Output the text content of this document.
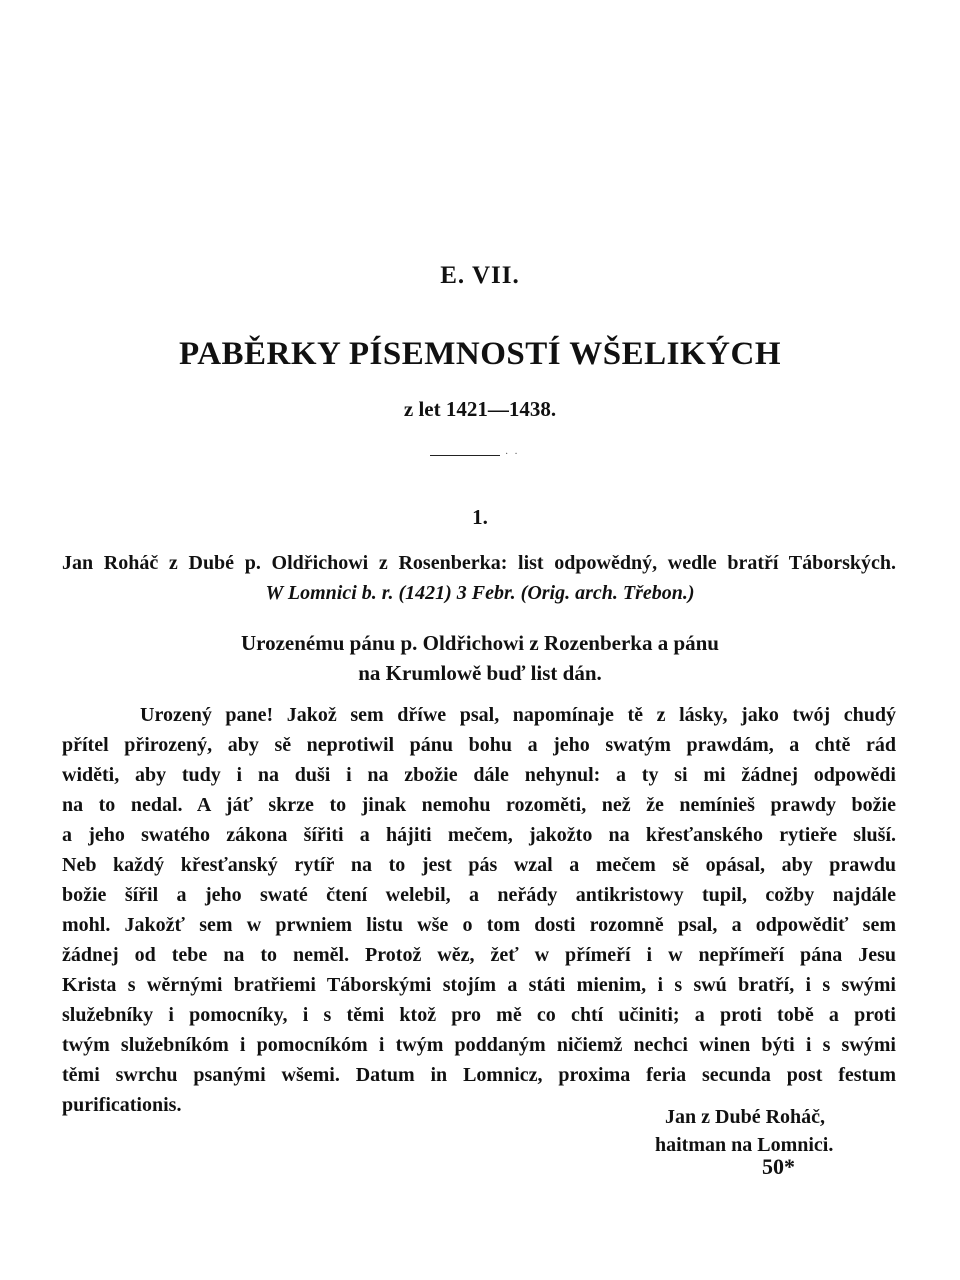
E. VII.
PABĚRKY PÍSEMNOSTÍ WŠELIKÝCH
z let 1421—1438.
··
1.
Jan Roháč z Dubé p. Oldřichowi z Rosenberka: list odpowědný, wedle bratří Táborských.
W Lomnici b. r. (1421) 3 Febr. (Orig. arch. Třebon.)
Urozenému pánu p. Oldřichowi z Rozenberka a pánu
na Krumlowě buď list dán.
Urozený pane! Jakož sem dříwe psal, napomínaje tě z lásky, jako twój chudý
přítel přirozený, aby sě neprotiwil pánu bohu a jeho swatým prawdám, a chtě rád
widěti, aby tudy i na duši i na zbožie dále nehynul: a ty si mi žádnej odpowědi
na to nedal. A jáť skrze to jinak nemohu rozoměti, než že nemínieš prawdy božie
a jeho swatého zákona šířiti a hájiti mečem, jakožto na křesťanského rytieře sluší.
Neb každý křesťanský rytíř na to jest pás wzal a mečem sě opásal, aby prawdu
božie šířil a jeho swaté čtení welebil, a neřády antikristowy tupil, cožby najdále
mohl. Jakožť sem w prwniem listu wše o tom dosti rozomně psal, a odpowědiť sem
žádnej od tebe na to neměl. Protož wěz, žeť w přímeří i w nepřímeří pána Jesu
Krista s wěrnými bratřiemi Táborskými stojím a státi mienim, i s swú bratří, i s swými
služebníky i pomocníky, i s těmi ktož pro mě co chtí učiniti; a proti tobě a proti
twým služebníkóm i pomocníkóm i twým poddaným ničiemž nechci winen býti i s swými
těmi swrchu psanými wšemi. Datum in Lomnicz, proxima feria secunda post festum
purificationis.
Jan z Dubé Roháč,
haitman na Lomnici.
50*
